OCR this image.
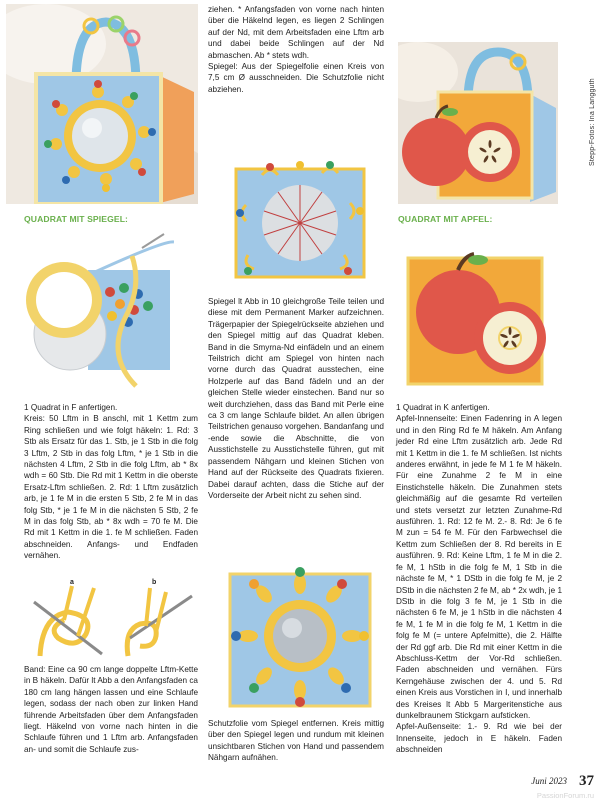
Stepp-Fotos: Ina Langguth
QUADRAT MIT SPIEGEL:	QUADRAT MIT APFEL:

1 Quadrat in F anfertigen.

Kreis: 50 Lftm in B anschl, mit 1 Kettm zum Ring schließen und wie folgt häkeln: 1. Rd: 3 Stb als Ersatz für das 1. Stb, je 1 Stb in die folg 3 Lftm, 2 Stb in das folg Lftm, * je 1 Stb in die nächsten 4 Lftm, 2 Stb in die folg Lftm, ab * 8x wdh = 60 Stb. Die Rd mit 1 Kettm in die oberste Ersatz-Lftm schließen. 2. Rd: 1 Lftm zusätzlich arb, je 1 fe M in die ersten 5 Stb, 2 fe M in das folg Stb, * je 1 fe M in die nächsten 5 Stb, 2 fe M in das folg Stb, ab * 8x wdh = 70 fe M. Die Rd mit 1 Kettm in die 1. fe M schließen. Faden abschneiden. Anfangs- und Endfaden vernähen.

a	b

Band: Eine ca 90 cm lange doppelte Lftm-Kette in B häkeln. Dafür lt Abb a den Anfangsfaden ca 180 cm lang hängen lassen und eine Schlaufe legen, sodass der nach oben zur linken Hand führende Arbeitsfaden über dem Anfangsfaden liegt. Häkelnd von vorne nach hinten in die Schlaufe führen und 1 Lftm arb. Anfangsfaden an- und somit die Schlaufe zus-

ziehen. * Anfangsfaden von vorne nach hinten über die Häkelnd legen, es liegen 2 Schlingen auf der Nd, mit dem Arbeitsfaden eine Lftm arb und dabei beide Schlingen auf der Nd abmaschen. Ab * stets wdh.

Spiegel: Aus der Spiegelfolie einen Kreis von 7,5 cm Ø ausschneiden. Die Schutzfolie nicht abziehen.

Spiegel lt Abb in 10 gleichgroße Teile teilen und diese mit dem Permanent Marker aufzeichnen. Trägerpapier der Spiegelrückseite abziehen und den Spiegel mittig auf das Quadrat kleben. Band in die Smyrna-Nd einfädeln und an einem Teilstrich dicht am Spiegel von hinten nach vorne durch das Quadrat ausstechen, eine Holzperle auf das Band fädeln und an der gleichen Stelle wieder einstechen. Band nur so weit durchziehen, dass das Band mit Perle eine ca 3 cm lange Schlaufe bildet. An allen übrigen Teilstrichen genauso vorgehen. Bandanfang und -ende sowie die Abschnitte, die von Ausstichstelle zu Ausstichstelle führen, gut mit passendem Nähgarn und kleinen Stichen von Hand auf der Rückseite des Quadrats fixieren. Dabei darauf achten, dass die Stiche auf der Vorderseite der Arbeit nicht zu sehen sind.

Schutzfolie vom Spiegel entfernen. Kreis mittig über den Spiegel legen und rundum mit kleinen unsichtbaren Stichen von Hand und passendem Nähgarn aufnähen.

1 Quadrat in K anfertigen.

Apfel-Innenseite: Einen Fadenring in A legen und in den Ring Rd fe M häkeln. Am Anfang jeder Rd eine Lftm zusätzlich arb. Jede Rd mit 1 Kettm in die 1. fe M schließen. Ist nichts anderes erwähnt, in jede fe M 1 fe M häkeln. Für eine Zunahme 2 fe M in eine Einstichstelle häkeln. Die Zunahmen stets gleichmäßig auf die gesamte Rd verteilen und stets versetzt zur letzten Zunahme-Rd ausführen. 1. Rd: 12 fe M. 2.- 8. Rd: Je 6 fe M zun = 54 fe M. Für den Farbwechsel die Kettm zum Schließen der 8. Rd bereits in E ausführen. 9. Rd: Keine Lftm, 1 fe M in die 2. fe M, 1 hStb in die folg fe M, 1 Stb in die nächste fe M, * 1 DStb in die folg fe M, je 2 DStb in die nächsten 2 fe M, ab * 2x wdh, je 1 DStb in die folg 3 fe M, je 1 Stb in die nächsten 6 fe M, je 1 hStb in die nächsten 4 fe M, 1 fe M in die folg fe M, 1 Kettm in die folg fe M (= untere Apfelmitte), die 2. Hälfte der Rd ggf arb. Die Rd mit einer Kettm in die Abschluss-Kettm der Vor-Rd schließen. Faden abschneiden und vernähen. Fürs Kerngehäuse zwischen der 4. und 5. Rd einen Kreis aus Vorstichen in I, und innerhalb des Kreises lt Abb 5 Margeritenstiche aus dunkelbraunem Stickgarn aufsticken.

Apfel-Außenseite: 1.- 9. Rd wie bei der Innenseite, jedoch in E häkeln. Faden abschneiden

Juni 2023 37
PassionForum.ru
